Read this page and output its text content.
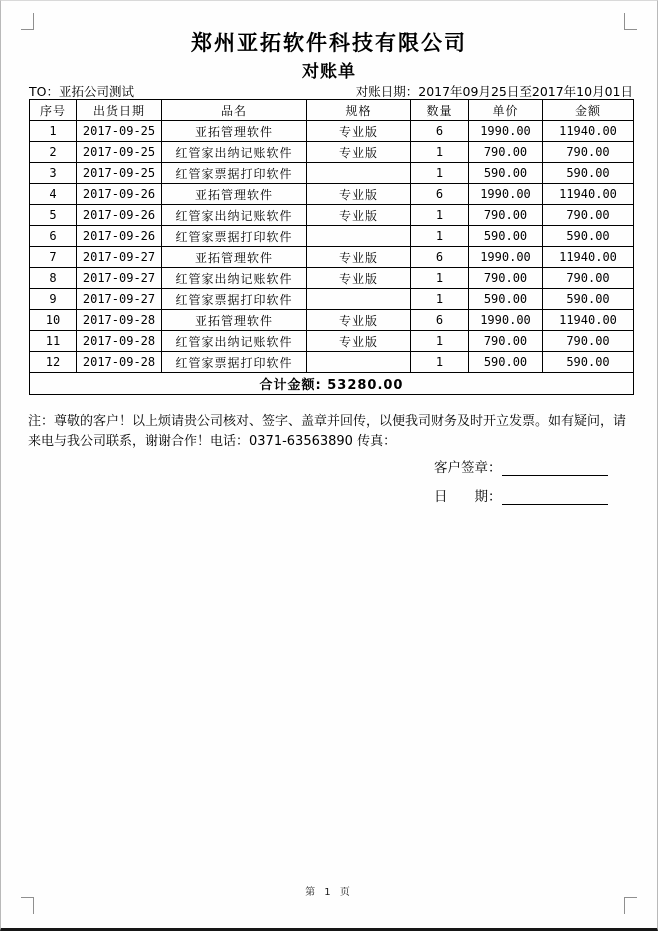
郑州亚拓软件科技有限公司
对账单
TO：亚拓公司测试	对账日期：2017年09月25日至2017年10月01日
序号	出货日期	品名	规格	数量	单价	金额
1	2017-09-25	亚拓管理软件	专业版	6	1990.00	11940.00
2	2017-09-25	红管家出纳记账软件	专业版	1	790.00	790.00
3	2017-09-25	红管家票据打印软件		1	590.00	590.00
4	2017-09-26	亚拓管理软件	专业版	6	1990.00	11940.00
5	2017-09-26	红管家出纳记账软件	专业版	1	790.00	790.00
6	2017-09-26	红管家票据打印软件		1	590.00	590.00
7	2017-09-27	亚拓管理软件	专业版	6	1990.00	11940.00
8	2017-09-27	红管家出纳记账软件	专业版	1	790.00	790.00
9	2017-09-27	红管家票据打印软件		1	590.00	590.00
10	2017-09-28	亚拓管理软件	专业版	6	1990.00	11940.00
11	2017-09-28	红管家出纳记账软件	专业版	1	790.00	790.00
12	2017-09-28	红管家票据打印软件		1	590.00	590.00
合计金额: 53280.00						
注：尊敬的客户！以上烦请贵公司核对、签字、盖章并回传，以便我司财务及时开立发票。如有疑问，请来电与我公司联系，谢谢合作！电话：0371-63563890 传真：
客户签章：
日　　期：
第 1 页
